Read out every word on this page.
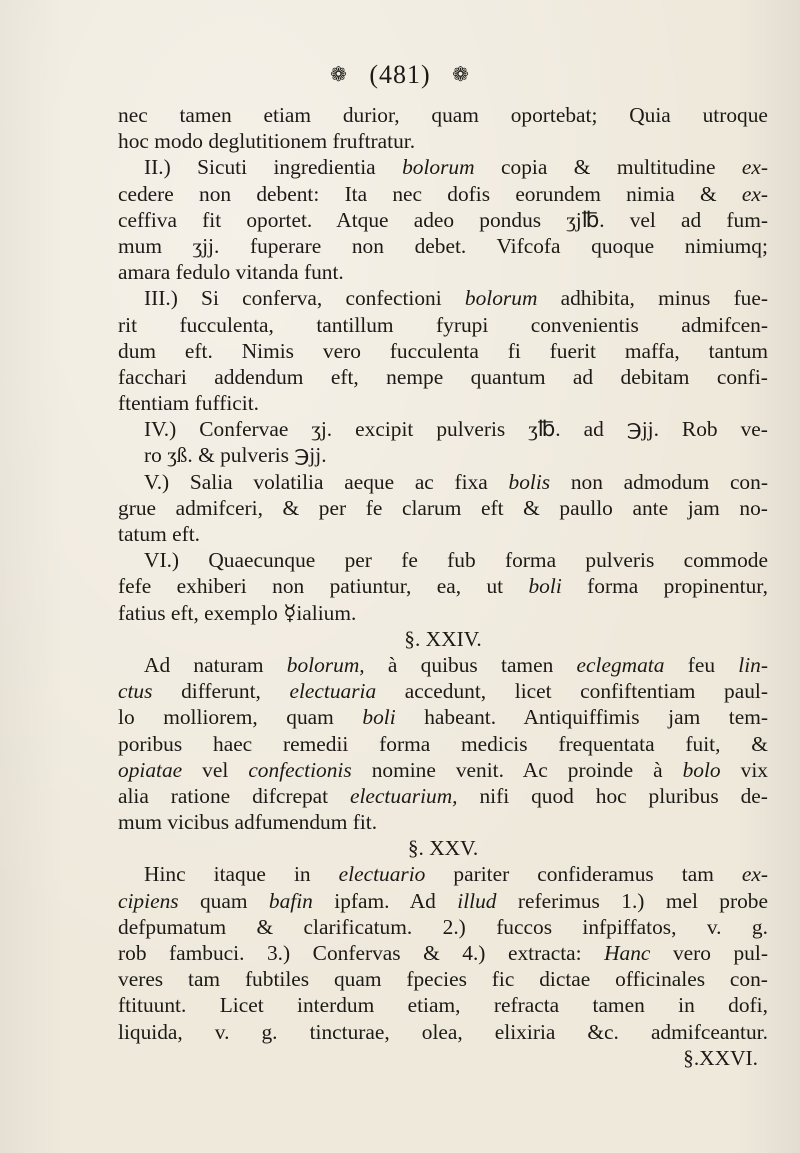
❁ (481) ❁
nec tamen etiam durior, quam oportebat; Quia utroque
hoc modo deglutitionem fruftratur.
II.) Sicuti ingredientia bolorum copia & multitudine ex-
cedere non debent: Ita nec dofis eorundem nimia & ex-
ceffiva fit oportet. Atque adeo pondus ʒj℔. vel ad fum-
mum ʒjj. fuperare non debet. Vifcofa quoque nimiumq;
amara fedulo vitanda funt.
III.) Si conferva, confectioni bolorum adhibita, minus fue-
rit fucculenta, tantillum fyrupi convenientis admifcen-
dum eft. Nimis vero fucculenta fi fuerit maffa, tantum
facchari addendum eft, nempe quantum ad debitam confi-
ftentiam fufficit.
IV.) Confervae ʒj. excipit pulveris ʒ℔. ad ℈jj. Rob ve-
ro ʒß. & pulveris ℈jj.
V.) Salia volatilia aeque ac fixa bolis non admodum con-
grue admifceri, & per fe clarum eft & paullo ante jam no-
tatum eft.
VI.) Quaecunque per fe fub forma pulveris commode
fefe exhiberi non patiuntur, ea, ut boli forma propinentur,
fatius eft, exemplo ☿ialium.
§. XXIV.
Ad naturam bolorum, à quibus tamen eclegmata feu lin-
ctus differunt, electuaria accedunt, licet confiftentiam paul-
lo molliorem, quam boli habeant. Antiquiffimis jam tem-
poribus haec remedii forma medicis frequentata fuit, &
opiatae vel confectionis nomine venit. Ac proinde à bolo vix
alia ratione difcrepat electuarium, nifi quod hoc pluribus de-
mum vicibus adfumendum fit.
§. XXV.
Hinc itaque in electuario pariter confideramus tam ex-
cipiens quam bafin ipfam. Ad illud referimus 1.) mel probe
defpumatum & clarificatum. 2.) fuccos infpiffatos, v. g.
rob fambuci. 3.) Confervas & 4.) extracta: Hanc vero pul-
veres tam fubtiles quam fpecies fic dictae officinales con-
ftituunt. Licet interdum etiam, refracta tamen in dofi,
liquida, v. g. tincturae, olea, elixiria &c. admifceantur.
§.XXVI.
